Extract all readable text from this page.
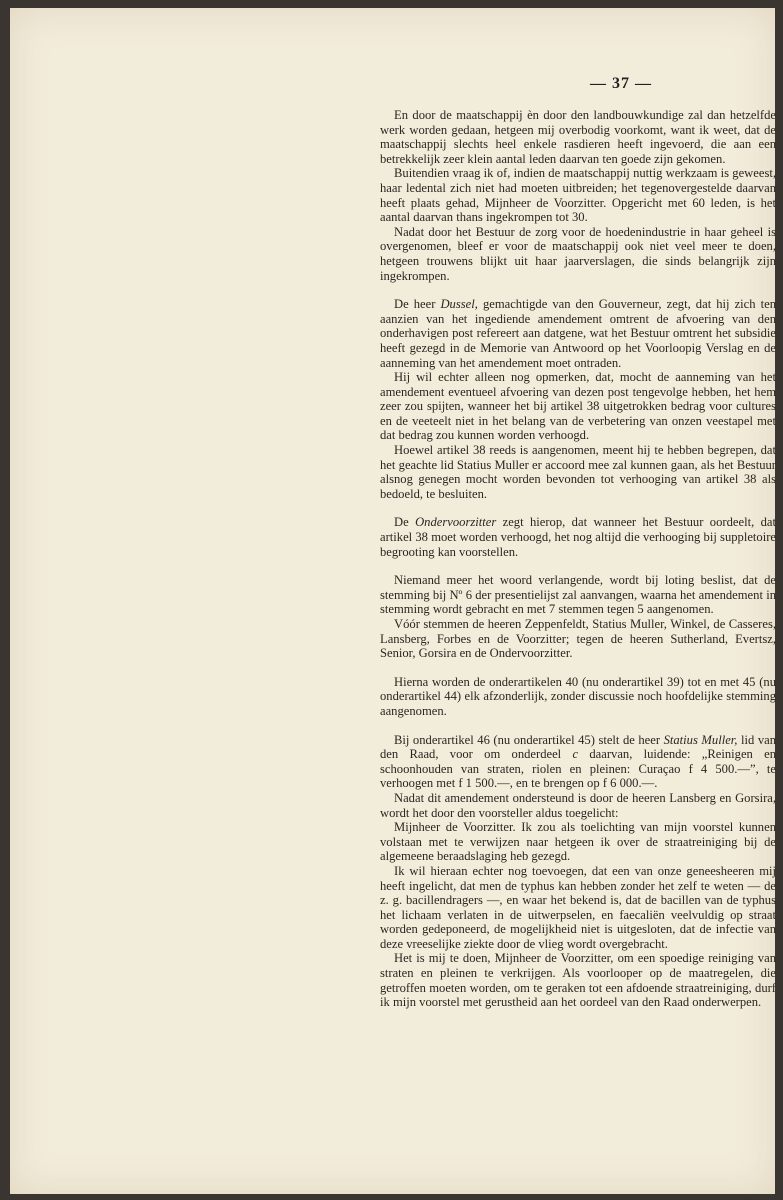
— 37 —

En door de maatschappij èn door den landbouwkundige zal dan hetzelfde werk worden gedaan, hetgeen mij overbodig voorkomt, want ik weet, dat de maatschappij slechts heel enkele rasdieren heeft ingevoerd, die aan een betrekkelijk zeer klein aantal leden daarvan ten goede zijn gekomen.

Buitendien vraag ik of, indien de maatschappij nuttig werkzaam is geweest, haar ledental zich niet had moeten uitbreiden; het tegenovergestelde daarvan heeft plaats gehad, Mijnheer de Voorzitter. Opgericht met 60 leden, is het aantal daarvan thans ingekrompen tot 30.

Nadat door het Bestuur de zorg voor de hoedenindustrie in haar geheel is overgenomen, bleef er voor de maatschappij ook niet veel meer te doen, hetgeen trouwens blijkt uit haar jaarverslagen, die sinds belangrijk zijn ingekrompen.

De heer Dussel, gemachtigde van den Gouverneur, zegt, dat hij zich ten aanzien van het ingediende amendement omtrent de afvoering van den onderhavigen post refereert aan datgene, wat het Bestuur omtrent het subsidie heeft gezegd in de Memorie van Antwoord op het Voorloopig Verslag en de aanneming van het amendement moet ontraden.

Hij wil echter alleen nog opmerken, dat, mocht de aanneming van het amendement eventueel afvoering van dezen post tengevolge hebben, het hem zeer zou spijten, wanneer het bij artikel 38 uitgetrokken bedrag voor cultures en de veeteelt niet in het belang van de verbetering van onzen veestapel met dat bedrag zou kunnen worden verhoogd.

Hoewel artikel 38 reeds is aangenomen, meent hij te hebben begrepen, dat het geachte lid Statius Muller er accoord mee zal kunnen gaan, als het Bestuur alsnog genegen mocht worden bevonden tot verhooging van artikel 38 als bedoeld, te besluiten.

De Ondervoorzitter zegt hierop, dat wanneer het Bestuur oordeelt, dat artikel 38 moet worden verhoogd, het nog altijd die verhooging bij suppletoire begrooting kan voorstellen.

Niemand meer het woord verlangende, wordt bij loting beslist, dat de stemming bij Nº 6 der presentielijst zal aanvangen, waarna het amendement in stemming wordt gebracht en met 7 stemmen tegen 5 aangenomen.

Vóór stemmen de heeren Zeppenfeldt, Statius Muller, Winkel, de Casseres, Lansberg, Forbes en de Voorzitter; tegen de heeren Sutherland, Evertsz, Senior, Gorsira en de Ondervoorzitter.

Hierna worden de onderartikelen 40 (nu onderartikel 39) tot en met 45 (nu onderartikel 44) elk afzonderlijk, zonder discussie noch hoofdelijke stemming aangenomen.

Bij onderartikel 46 (nu onderartikel 45) stelt de heer Statius Muller, lid van den Raad, voor om onderdeel c daarvan, luidende: „Reinigen en schoonhouden van straten, riolen en pleinen: Curaçao f 4 500.—”, te verhoogen met f 1 500.—, en te brengen op f 6 000.—.

Nadat dit amendement ondersteund is door de heeren Lansberg en Gorsira, wordt het door den voorsteller aldus toegelicht:

Mijnheer de Voorzitter. Ik zou als toelichting van mijn voorstel kunnen volstaan met te verwijzen naar hetgeen ik over de straatreiniging bij de algemeene beraadslaging heb gezegd.

Ik wil hieraan echter nog toevoegen, dat een van onze geneesheeren mij heeft ingelicht, dat men de typhus kan hebben zonder het zelf te weten — de z. g. bacillendragers —, en waar het bekend is, dat de bacillen van de typhus het lichaam verlaten in de uitwerpselen, en faecaliën veelvuldig op straat worden gedeponeerd, de mogelijkheid niet is uitgesloten, dat de infectie van deze vreeselijke ziekte door de vlieg wordt overgebracht.

Het is mij te doen, Mijnheer de Voorzitter, om een spoedige reiniging van straten en pleinen te verkrijgen. Als voorlooper op de maatregelen, die getroffen moeten worden, om te geraken tot een afdoende straatreiniging, durf ik mijn voorstel met gerustheid aan het oordeel van den Raad onderwerpen.
